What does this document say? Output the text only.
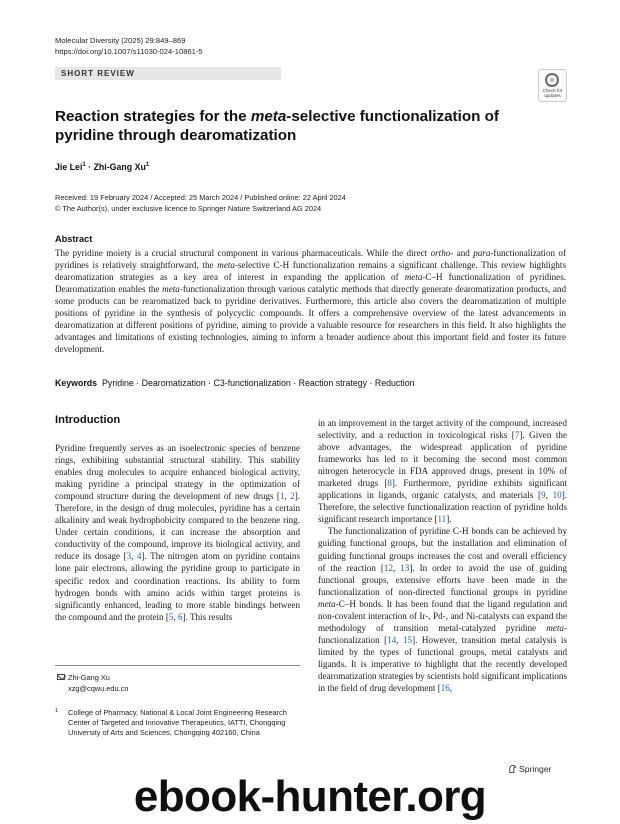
Molecular Diversity (2025) 29:849–869
https://doi.org/10.1007/s11030-024-10861-5
SHORT REVIEW
Check for
updates
Reaction strategies for the meta-selective functionalization of pyridine through dearomatization
Jie Lei$^1$ · Zhi-Gang Xu$^1$
Received: 19 February 2024 / Accepted: 25 March 2024 / Published online: 22 April 2024
© The Author(s), under exclusive licence to Springer Nature Switzerland AG 2024
Abstract
The pyridine moiety is a crucial structural component in various pharmaceuticals. While the direct ortho- and para-functionalization of pyridines is relatively straightforward, the meta-selective C-H functionalization remains a significant challenge. This review highlights dearomatization strategies as a key area of interest in expanding the application of meta-C–H functionalization of pyridines. Dearomatization enables the meta-functionalization through various catalytic methods that directly generate dearomatization products, and some products can be rearomatized back to pyridine derivatives. Furthermore, this article also covers the dearomatization of multiple positions of pyridine in the synthesis of polycyclic compounds. It offers a comprehensive overview of the latest advancements in dearomatization at different positions of pyridine, aiming to provide a valuable resource for researchers in this field. It also highlights the advantages and limitations of existing technologies, aiming to inform a broader audience about this important field and foster its future development.
Keywords Pyridine · Dearomatization · C3-functionalization · Reaction strategy · Reduction
Introduction

Pyridine frequently serves as an isoelectronic species of benzene rings, exhibiting substantial structural stability. This stability enables drug molecules to acquire enhanced biological activity, making pyridine a principal strategy in the optimization of compound structure during the development of new drugs [1, 2]. Therefore, in the design of drug molecules, pyridine has a certain alkalinity and weak hydrophobicity compared to the benzene ring. Under certain conditions, it can increase the absorption and conductivity of the compound, improve its biological activity, and reduce its dosage [3, 4]. The nitrogen atom on pyridine contains lone pair electrons, allowing the pyridine group to participate in specific redox and coordination reactions. Its ability to form hydrogen bonds with amino acids within target proteins is significantly enhanced, leading to more stable bindings between the compound and the protein [5, 6]. This results

in an improvement in the target activity of the compound, increased selectivity, and a reduction in toxicological risks [7]. Given the above advantages, the widespread application of pyridine frameworks has led to it becoming the second most common nitrogen heterocycle in FDA approved drugs, present in 10% of marketed drugs [8]. Furthermore, pyridine exhibits significant applications in ligands, organic catalysts, and materials [9, 10]. Therefore, the selective functionalization reaction of pyridine holds significant research importance [11].

The functionalization of pyridine C-H bonds can be achieved by guiding functional groups, but the installation and elimination of guiding functional groups increases the cost and overall efficiency of the reaction [12, 13]. In order to avoid the use of guiding functional groups, extensive efforts have been made in the functionalization of non-directed functional groups in pyridine meta-C–H bonds. It has been found that the ligand regulation and non-covalent interaction of Ir-, Pd-, and Ni-catalysts can expand the methodology of transition metal-catalyzed pyridine meta-functionalization [14, 15]. However, transition metal catalysis is limited by the types of functional groups, metal catalysts and ligands. It is imperative to highlight that the recently developed dearomatization strategies by scientists hold significant implications in the field of drug development [16,

Zhi-Gang Xu
xzg@cqwu.edu.cn
1 College of Pharmacy, National & Local Joint Engineering Research Center of Targeted and Innovative Therapeutics, IATTI, Chongqing University of Arts and Sciences, Chongqing 402160, China
Springer
ebook-hunter.org
